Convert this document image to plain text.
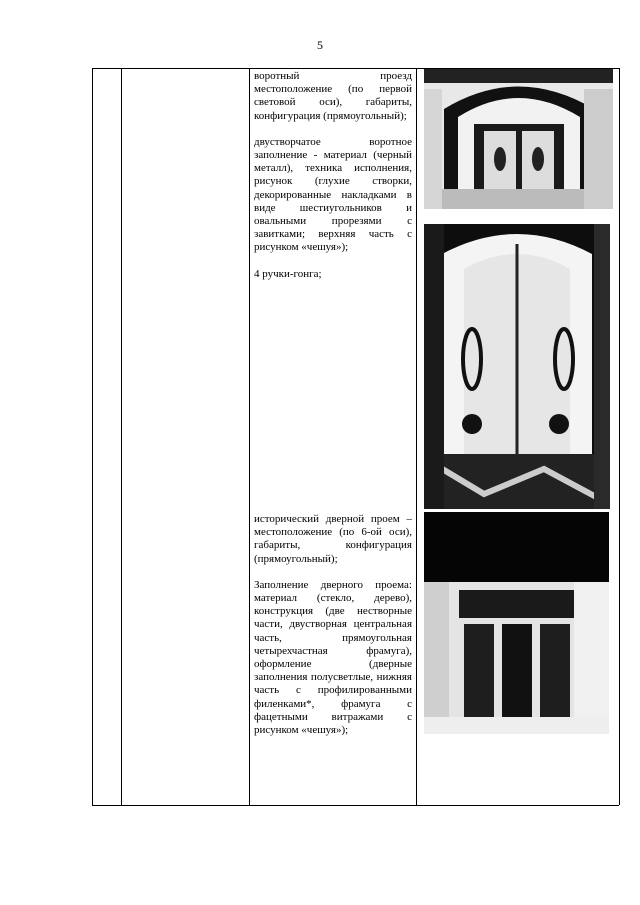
5

воротный проезд местоположение (по первой световой оси), габариты, конфигурация (прямоугольный);

двустворчатое воротное заполнение - материал (черный металл), техника исполнения, рисунок (глухие створки, декорированные накладками в виде шестиугольников и овальными прорезями с завитками; верхняя часть с рисунком «чешуя»);

4 ручки-гонга;

исторический дверной проем – местоположение (по 6-ой оси), габариты, конфигурация (прямоугольный);

Заполнение дверного проема: материал (стекло, дерево), конструкция (две нестворные части, двустворная центральная часть, прямоугольная четырехчастная фрамуга), оформление (дверные заполнения полусветлые, нижняя часть с профилированными филенками*, фрамуга с фацетными витражами с рисунком «чешуя»);
